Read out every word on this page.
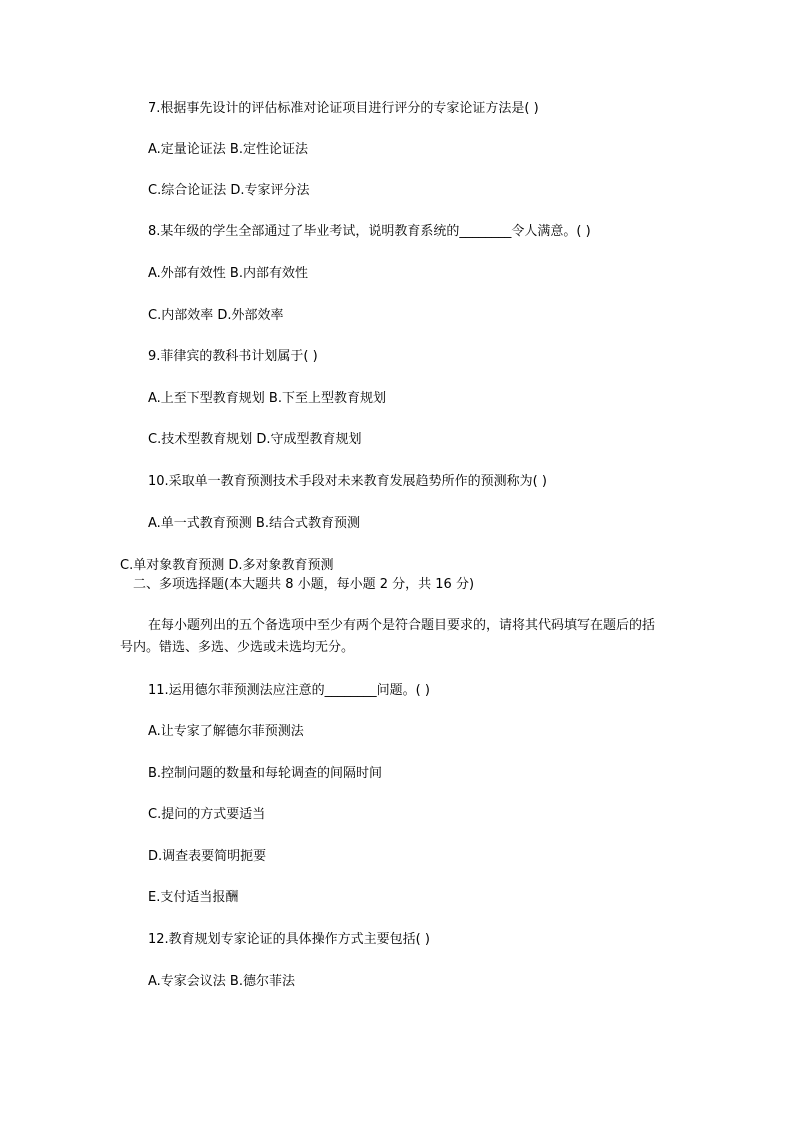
7.根据事先设计的评估标准对论证项目进行评分的专家论证方法是( )
A.定量论证法 B.定性论证法
C.综合论证法 D.专家评分法
8.某年级的学生全部通过了毕业考试，说明教育系统的________令人满意。( )
A.外部有效性 B.内部有效性
C.内部效率 D.外部效率
9.菲律宾的教科书计划属于( )
A.上至下型教育规划 B.下至上型教育规划
C.技术型教育规划 D.守成型教育规划
10.采取单一教育预测技术手段对未来教育发展趋势所作的预测称为( )
A.单一式教育预测 B.结合式教育预测
C.单对象教育预测 D.多对象教育预测
二、多项选择题(本大题共 8 小题，每小题 2 分，共 16 分)
在每小题列出的五个备选项中至少有两个是符合题目要求的，请将其代码填写在题后的括号内。错选、多选、少选或未选均无分。
11.运用德尔菲预测法应注意的________问题。( )
A.让专家了解德尔菲预测法
B.控制问题的数量和每轮调查的间隔时间
C.提问的方式要适当
D.调查表要简明扼要
E.支付适当报酬
12.教育规划专家论证的具体操作方式主要包括( )
A.专家会议法 B.德尔菲法
